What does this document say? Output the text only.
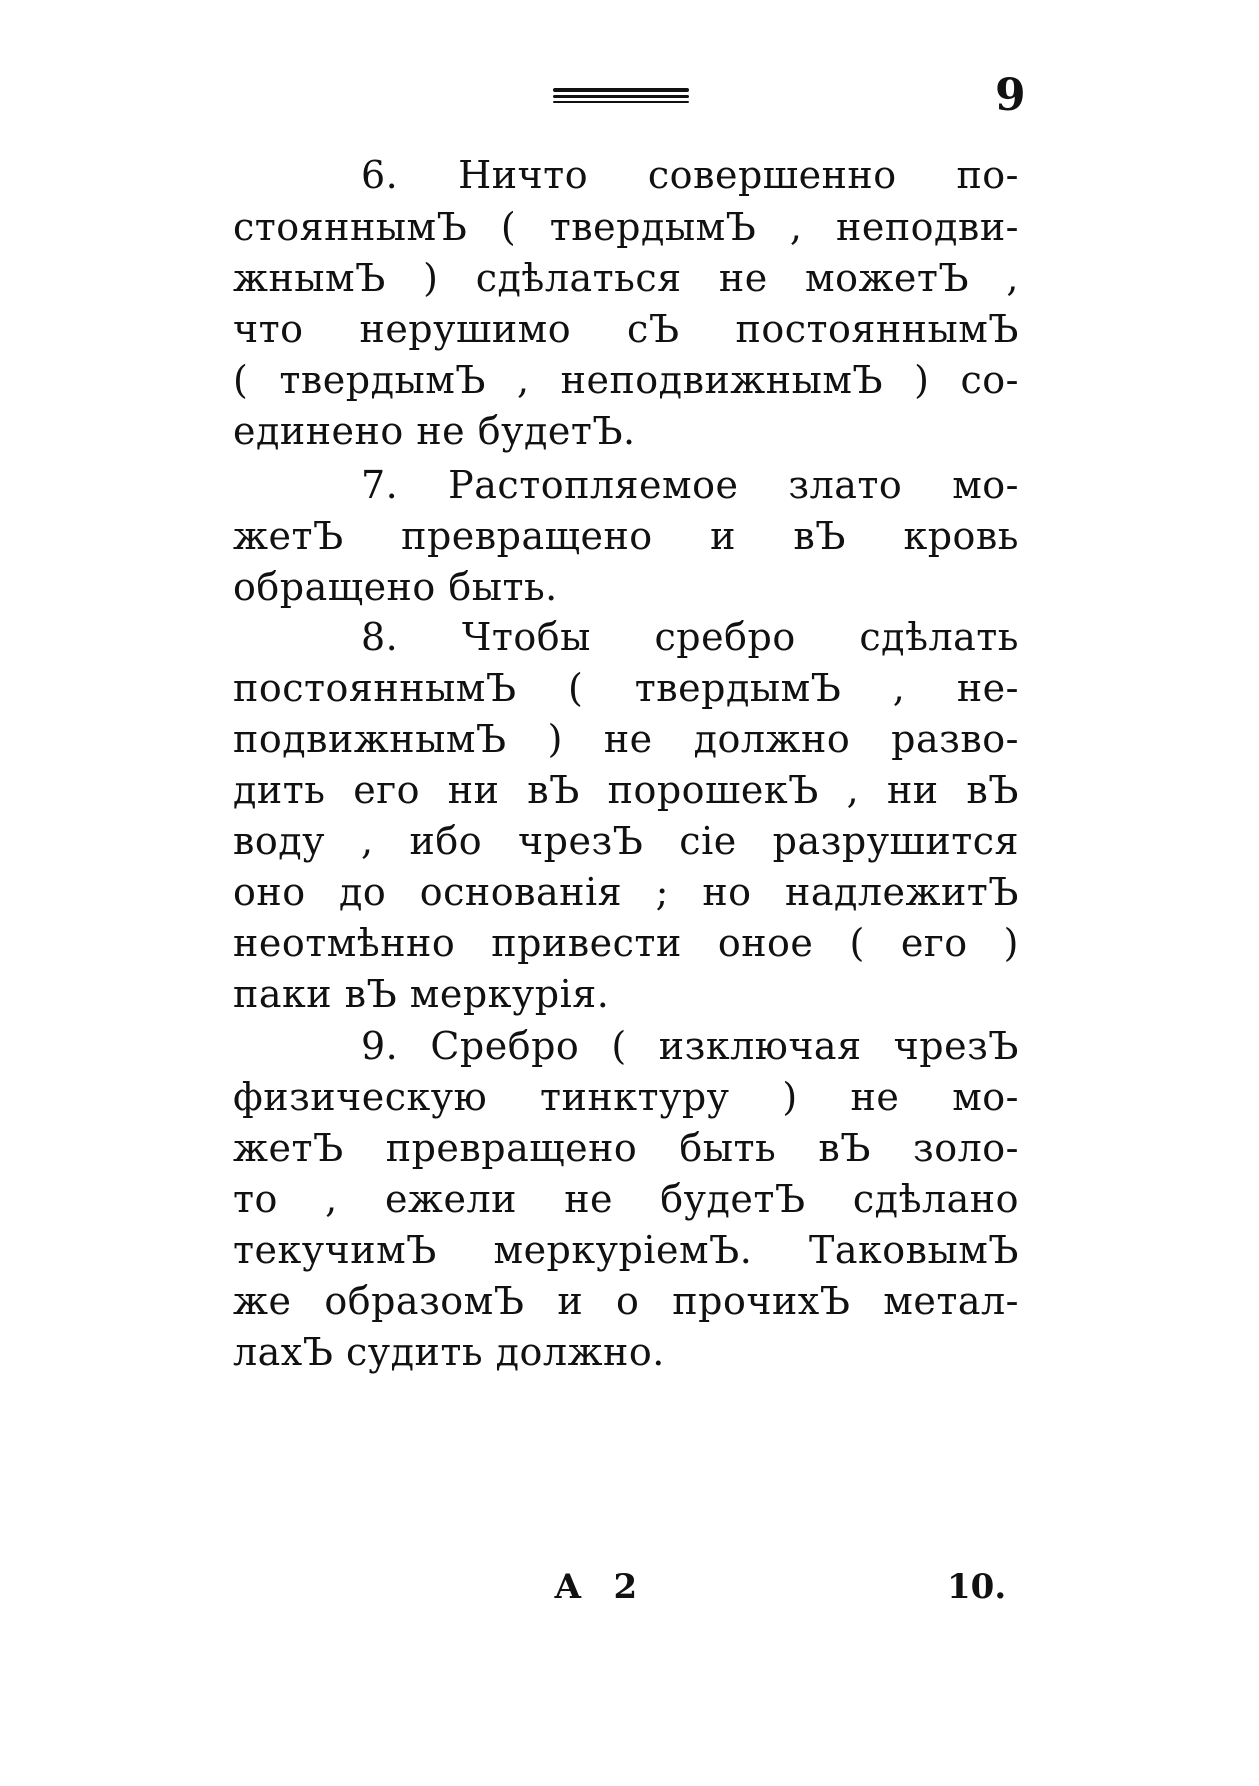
9
6. Ничто совершенно по-
стояннымЪ ( твердымЪ , неподви-
жнымЪ ) сдѣлаться не можетЪ ,
что нерушимо сЪ постояннымЪ
( твердымЪ , неподвижнымЪ ) со-
единено не будетЪ.
7. Растопляемое злато мо-
жетЪ превращено и вЪ кровь
обращено быть.
8. Чтобы сребро сдѣлать
постояннымЪ ( твердымЪ , не-
подвижнымЪ ) не должно разво-
дить его ни вЪ порошекЪ , ни вЪ
воду , ибо чрезЪ сіе разрушится
оно до основанія ; но надлежитЪ
неотмѣнно привести оное ( его )
паки вЪ меркурія.
9. Сребро ( изключая чрезЪ
физическую тинктуру ) не мо-
жетЪ превращено быть вЪ золо-
то , ежели не будетЪ сдѣлано
текучимЪ меркуріемЪ. ТаковымЪ
же образомЪ и о прочихЪ метал-
лахЪ судить должно.
А 2	10.
